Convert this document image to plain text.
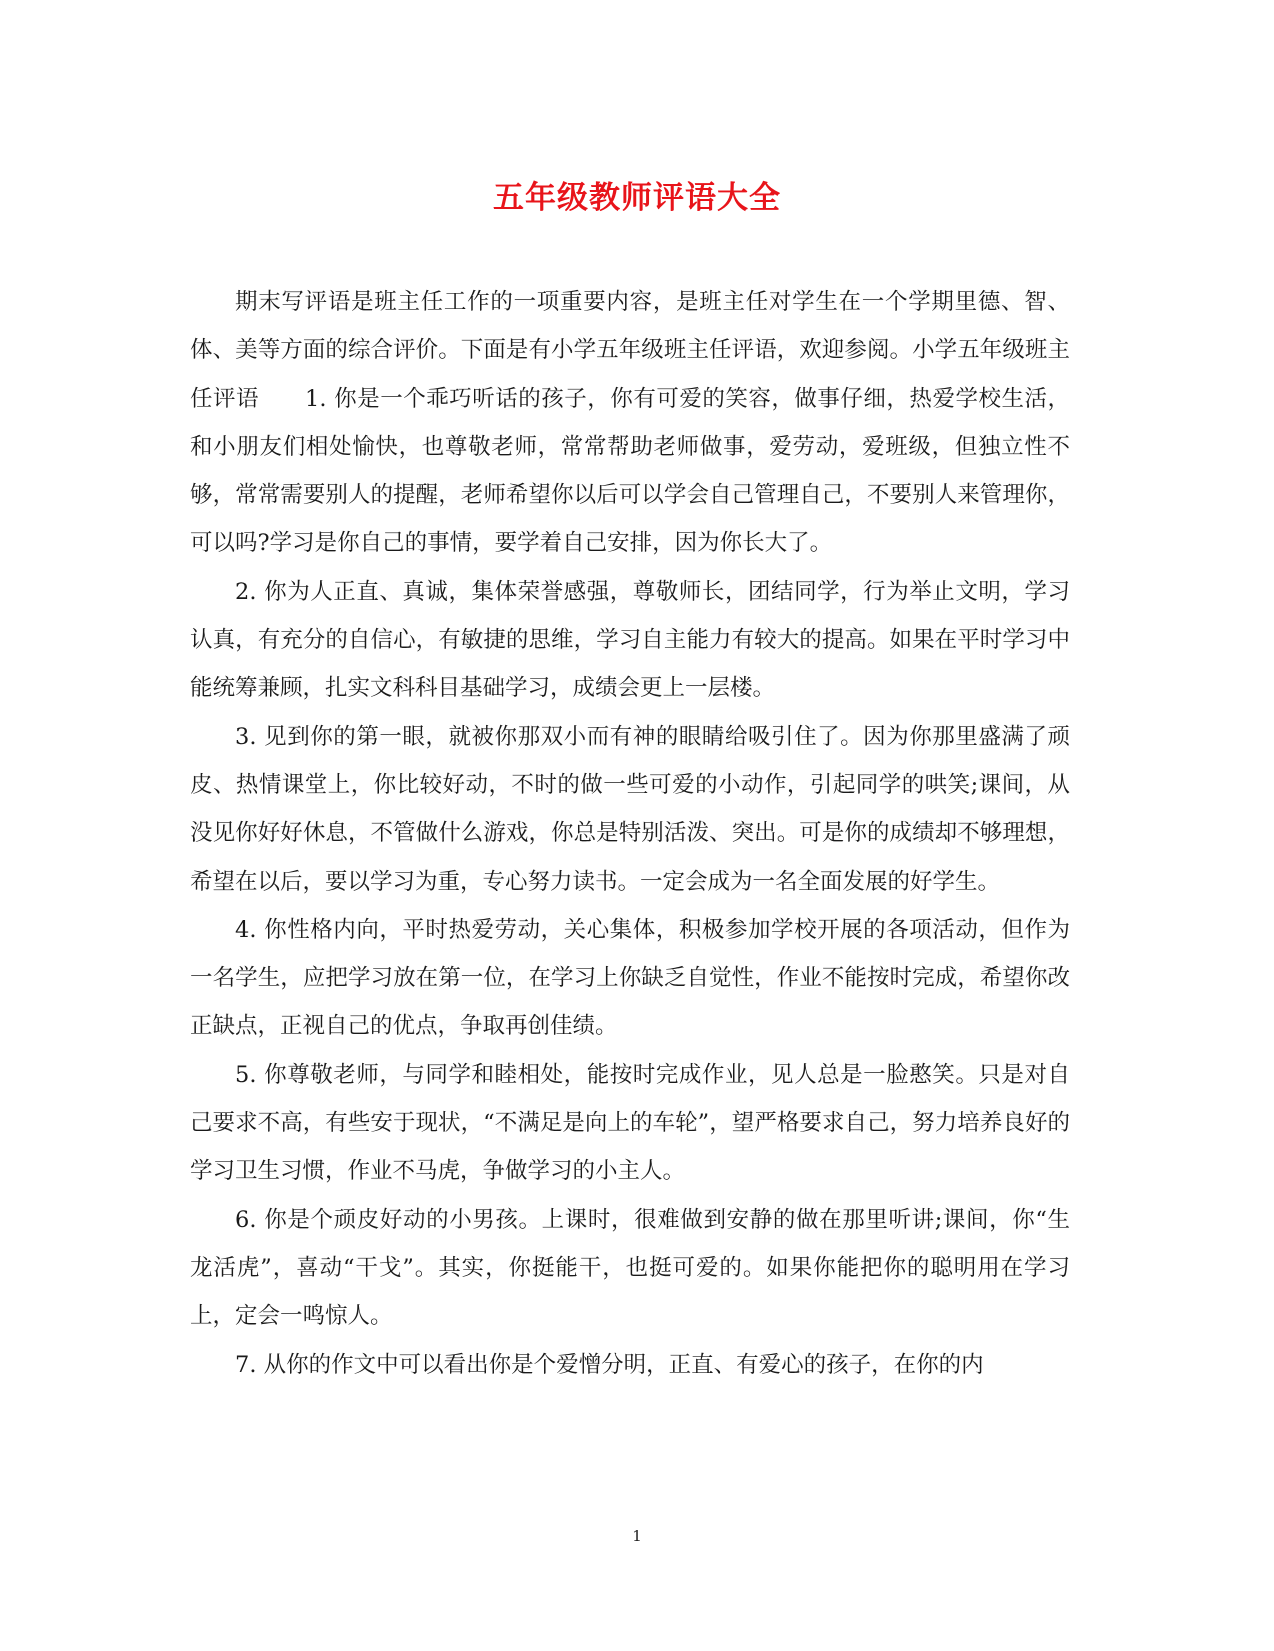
五年级教师评语大全

期末写评语是班主任工作的一项重要内容，是班主任对学生在一个学期里德、智、体、美等方面的综合评价。下面是有小学五年级班主任评语，欢迎参阅。小学五年级班主任评语　　1. 你是一个乖巧听话的孩子，你有可爱的笑容，做事仔细，热爱学校生活，和小朋友们相处愉快，也尊敬老师，常常帮助老师做事，爱劳动，爱班级，但独立性不够，常常需要别人的提醒，老师希望你以后可以学会自己管理自己，不要别人来管理你，可以吗?学习是你自己的事情，要学着自己安排，因为你长大了。

2. 你为人正直、真诚，集体荣誉感强，尊敬师长，团结同学，行为举止文明，学习认真，有充分的自信心，有敏捷的思维，学习自主能力有较大的提高。如果在平时学习中能统筹兼顾，扎实文科科目基础学习，成绩会更上一层楼。

3. 见到你的第一眼，就被你那双小而有神的眼睛给吸引住了。因为你那里盛满了顽皮、热情课堂上，你比较好动，不时的做一些可爱的小动作，引起同学的哄笑;课间，从没见你好好休息，不管做什么游戏，你总是特别活泼、突出。可是你的成绩却不够理想，希望在以后，要以学习为重，专心努力读书。一定会成为一名全面发展的好学生。

4. 你性格内向，平时热爱劳动，关心集体，积极参加学校开展的各项活动，但作为一名学生，应把学习放在第一位，在学习上你缺乏自觉性，作业不能按时完成，希望你改正缺点，正视自己的优点，争取再创佳绩。

5. 你尊敬老师，与同学和睦相处，能按时完成作业，见人总是一脸憨笑。只是对自己要求不高，有些安于现状，“不满足是向上的车轮”，望严格要求自己，努力培养良好的学习卫生习惯，作业不马虎，争做学习的小主人。

6. 你是个顽皮好动的小男孩。上课时，很难做到安静的做在那里听讲;课间，你“生龙活虎”，喜动“干戈”。其实，你挺能干，也挺可爱的。如果你能把你的聪明用在学习上，定会一鸣惊人。

7. 从你的作文中可以看出你是个爱憎分明，正直、有爱心的孩子，在你的内

1
